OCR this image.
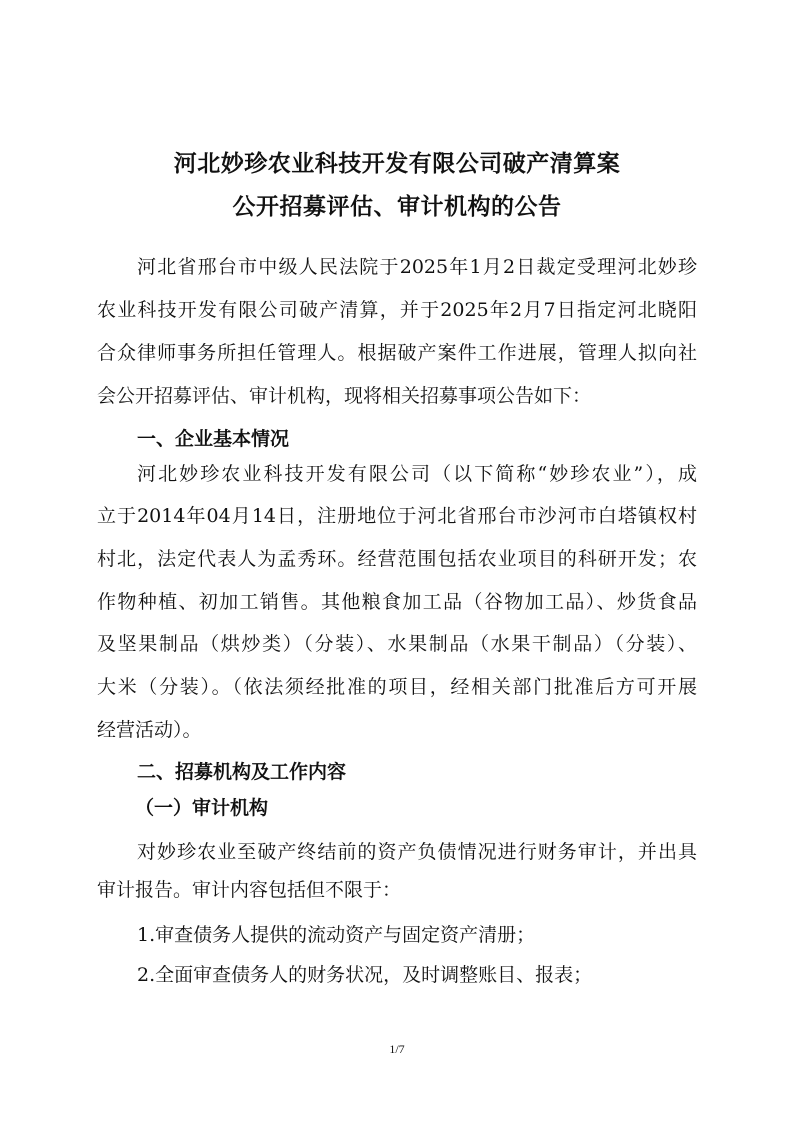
河北妙珍农业科技开发有限公司破产清算案
公开招募评估、审计机构的公告
河北省邢台市中级人民法院于2025年1月2日裁定受理河北妙珍
农业科技开发有限公司破产清算，并于2025年2月7日指定河北晓阳
合众律师事务所担任管理人。根据破产案件工作进展，管理人拟向社
会公开招募评估、审计机构，现将相关招募事项公告如下：
一、企业基本情况
河北妙珍农业科技开发有限公司（以下简称“妙珍农业”），成
立于2014年04月14日，注册地位于河北省邢台市沙河市白塔镇权村
村北，法定代表人为孟秀环。经营范围包括农业项目的科研开发；农
作物种植、初加工销售。其他粮食加工品（谷物加工品）、炒货食品
及坚果制品（烘炒类）（分装）、水果制品（水果干制品）（分装）、
大米（分装）。（依法须经批准的项目，经相关部门批准后方可开展
经营活动）。
二、招募机构及工作内容
（一）审计机构
对妙珍农业至破产终结前的资产负债情况进行财务审计，并出具
审计报告。审计内容包括但不限于：
1.审查债务人提供的流动资产与固定资产清册；
2.全面审查债务人的财务状况，及时调整账目、报表；
1/7
